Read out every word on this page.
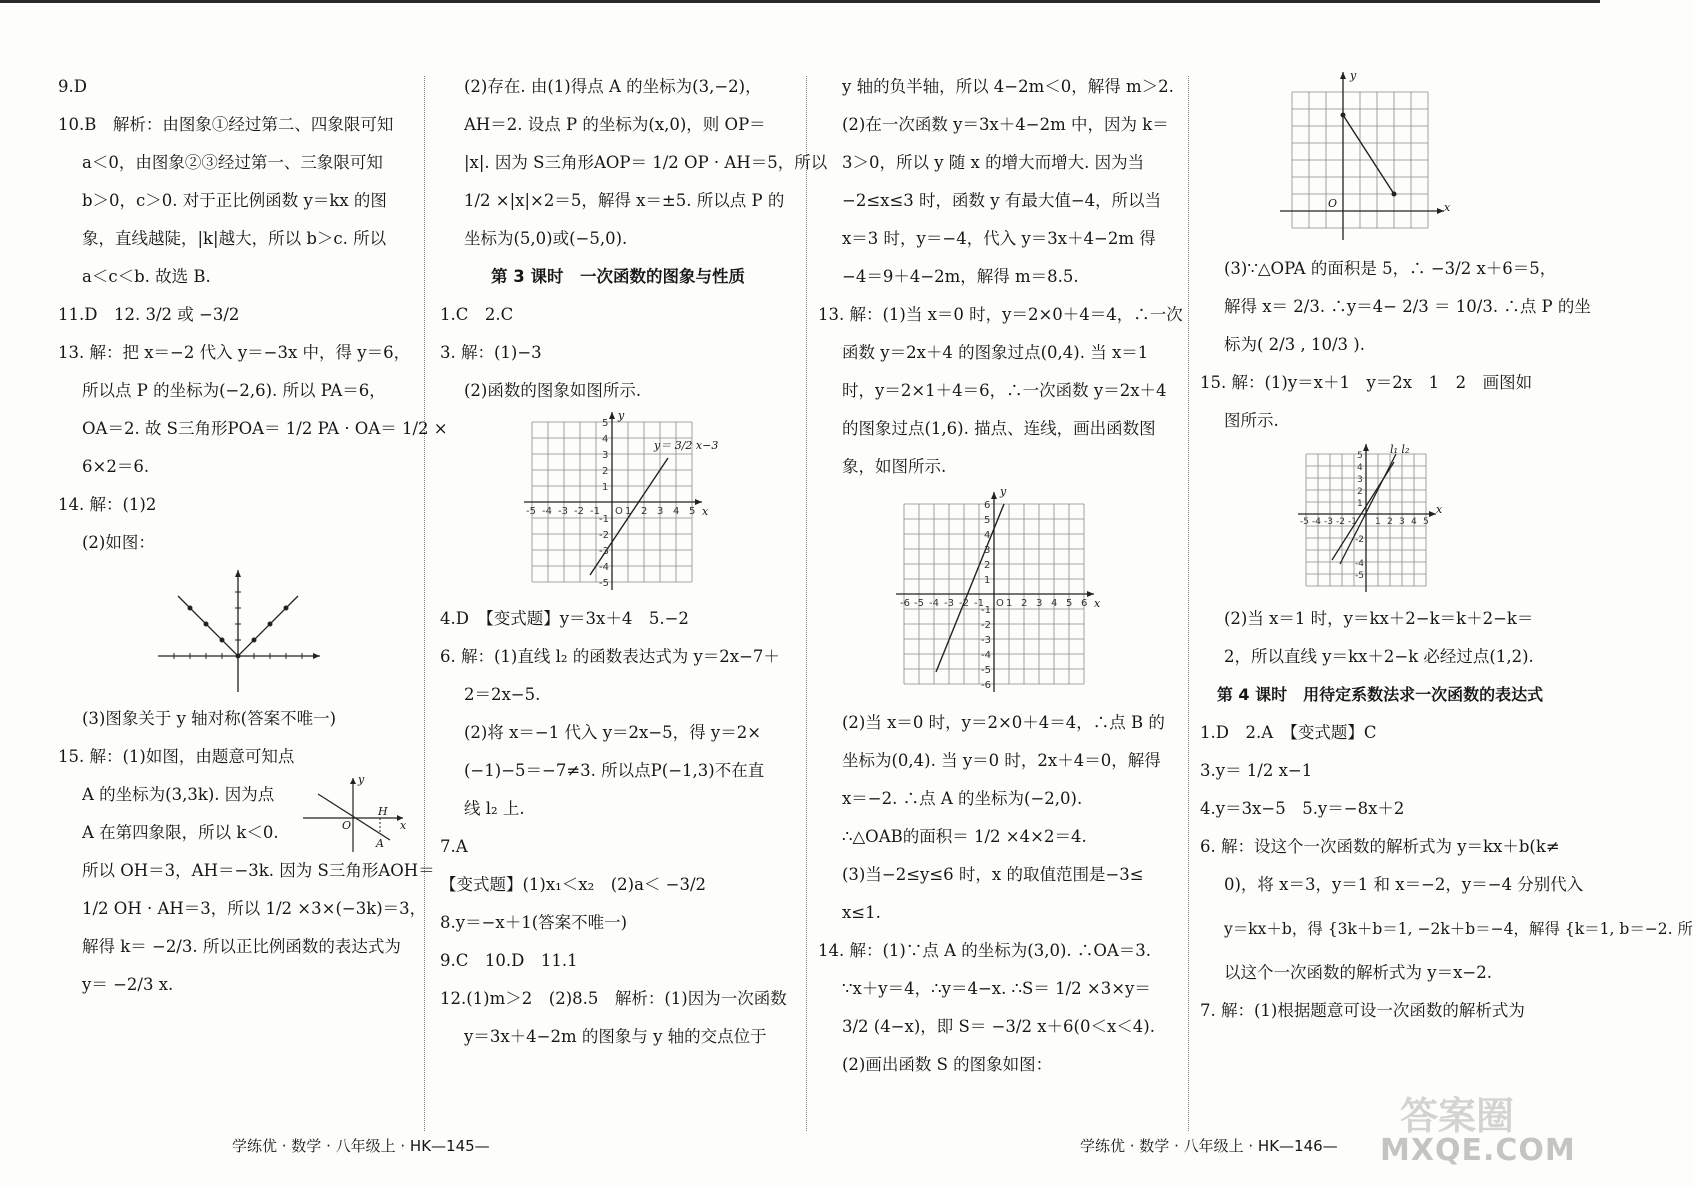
9.D
10.B　解析：由图象①经过第二、四象限可知
a＜0，由图象②③经过第一、三象限可知
b＞0，c＞0. 对于正比例函数 y＝kx 的图
象，直线越陡，|k|越大，所以 b＞c. 所以
a＜c＜b. 故选 B.
11.D　12. 3/2 或 −3/2
13. 解：把 x＝−2 代入 y＝−3x 中，得 y＝6，
所以点 P 的坐标为(−2,6). 所以 PA＝6，
OA＝2. 故 S三角形POA＝ 1/2 PA · OA＝ 1/2 ×
6×2＝6.
14. 解：(1)2
(2)如图：
(3)图象关于 y 轴对称(答案不唯一)
15. 解：(1)如图，由题意可知点
A 的坐标为(3,3k). 因为点
A 在第四象限，所以 k＜0.
所以 OH＝3，AH＝−3k. 因为 S三角形AOH＝
1/2 OH · AH＝3，所以 1/2 ×3×(−3k)＝3，
解得 k＝ −2/3. 所以正比例函数的表达式为
y＝ −2/3 x.
y
x
O
H
A
(2)存在. 由(1)得点 A 的坐标为(3,−2)，
AH＝2. 设点 P 的坐标为(x,0)，则 OP＝
|x|. 因为 S三角形AOP＝ 1/2 OP · AH＝5，所以
1/2 ×|x|×2＝5，解得 x＝±5. 所以点 P 的
坐标为(5,0)或(−5,0).
第 3 课时　一次函数的图象与性质
1.C　2.C
3. 解：(1)−3
(2)函数的图象如图所示.
-5 -4 -3 -2 -1 O 1 2 3 4 5
5
4
3
2
1
-1
-2
-3
-4
-5
y
x
y＝ 3/2 x−3
4.D　【变式题】y＝3x＋4　5.−2
6. 解：(1)直线 l₂ 的函数表达式为 y＝2x−7＋
2＝2x−5.
(2)将 x＝−1 代入 y＝2x−5，得 y＝2×
(−1)−5＝−7≠3. 所以点P(−1,3)不在直
线 l₂ 上.
7.A
【变式题】(1)x₁＜x₂　(2)a＜ −3/2
8.y＝−x＋1(答案不唯一)
9.C　10.D　11.1
12.(1)m＞2　(2)8.5　解析：(1)因为一次函数
y＝3x＋4−2m 的图象与 y 轴的交点位于
y 轴的负半轴，所以 4−2m＜0，解得 m＞2.
(2)在一次函数 y＝3x＋4−2m 中，因为 k＝
3＞0，所以 y 随 x 的增大而增大. 因为当
−2≤x≤3 时，函数 y 有最大值−4，所以当
x＝3 时，y＝−4，代入 y＝3x＋4−2m 得
−4＝9＋4−2m，解得 m＝8.5.
13. 解：(1)当 x＝0 时，y＝2×0＋4＝4，∴一次
函数 y＝2x＋4 的图象过点(0,4). 当 x＝1
时，y＝2×1＋4＝6，∴一次函数 y＝2x＋4
的图象过点(1,6). 描点、连线，画出函数图
象，如图所示.
-6 -5 -4 -3 -2 -1 O 1 2 3 4 5 6
6
5
4
3
2
1
-1
-2
-3
-4
-5
-6
y
x
(2)当 x＝0 时，y＝2×0＋4＝4，∴点 B 的
坐标为(0,4). 当 y＝0 时，2x＋4＝0，解得
x＝−2. ∴点 A 的坐标为(−2,0).
∴△OAB的面积＝ 1/2 ×4×2＝4.
(3)当−2≤y≤6 时，x 的取值范围是−3≤
x≤1.
14. 解：(1)∵点 A 的坐标为(3,0). ∴OA＝3.
∵x＋y＝4，∴y＝4−x. ∴S＝ 1/2 ×3×y＝
3/2 (4−x)，即 S＝ −3/2 x＋6(0＜x＜4).
(2)画出函数 S 的图象如图：
y
x
O
(3)∵△OPA 的面积是 5，∴ −3/2 x＋6＝5，
解得 x＝ 2/3. ∴y＝4− 2/3 ＝ 10/3. ∴点 P 的坐
标为( 2/3 , 10/3 ).
15. 解：(1)y＝x＋1　y＝2x　1　2　画图如
图所示.
-5 -4 -3 -2 -1 1 2 3 4 5
5
4
3
2
1
-2
-4
-5
l₁ l₂
x
(2)当 x＝1 时，y＝kx＋2−k＝k＋2−k＝
2，所以直线 y＝kx＋2−k 必经过点(1,2).
第 4 课时　用待定系数法求一次函数的表达式
1.D　2.A　【变式题】C
3.y＝ 1/2 x−1
4.y＝3x−5　5.y＝−8x＋2
6. 解：设这个一次函数的解析式为 y＝kx＋b(k≠
0)，将 x＝3，y＝1 和 x＝−2，y＝−4 分别代入
y＝kx＋b，得 {3k＋b＝1, −2k＋b＝−4，解得 {k＝1, b＝−2. 所
以这个一次函数的解析式为 y＝x−2.
7. 解：(1)根据题意可设一次函数的解析式为
学练优 · 数学 · 八年级上 · HK—145—	学练优 · 数学 · 八年级上 · HK—146—
答案圈
MXQE.COM
